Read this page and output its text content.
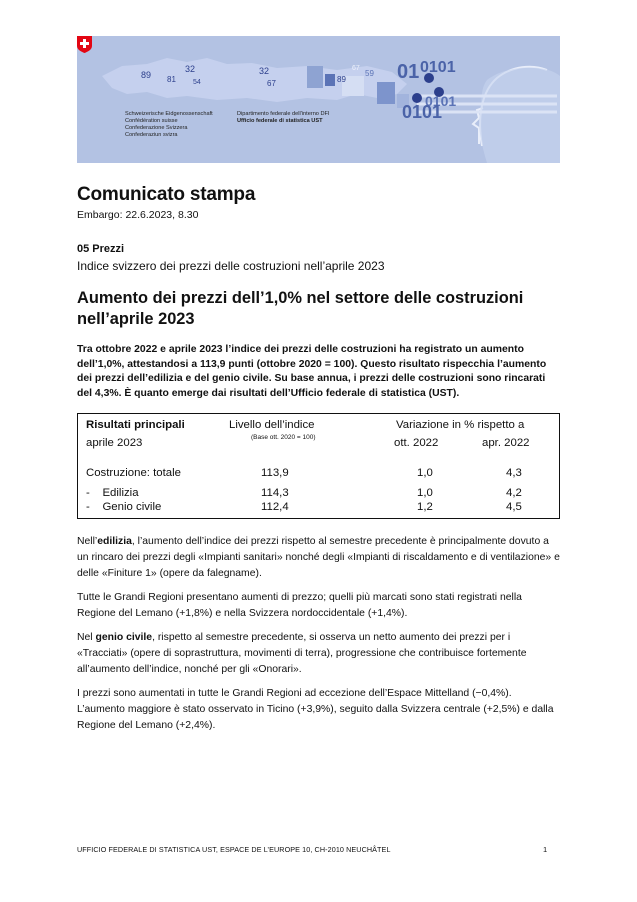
89
32
81
32
67
54	89
67
59 01 0101
0101
0101
Schweizerische Eidgenossenschaft
Confédération suisse
Confederazione Svizzera
Confederaziun svizra
Dipartimento federale dell'interno DFI
Ufficio federale di statistica UST
Comunicato stampa
Embargo: 22.6.2023, 8.30
05 Prezzi
Indice svizzero dei prezzi delle costruzioni nell’aprile 2023
Aumento dei prezzi dell’1,0% nel settore delle costruzioni nell’aprile 2023
Tra ottobre 2022 e aprile 2023 l’indice dei prezzi delle costruzioni ha registrato un aumento dell’1,0%, attestandosi a 113,9 punti (ottobre 2020 = 100). Questo risultato rispecchia l’aumento dei prezzi dell’edilizia e del genio civile. Su base annua, i prezzi delle costruzioni sono rincarati del 4,3%. È quanto emerge dai risultati dell’Ufficio federale di statistica (UST).
Risultati principali
aprile 2023
Livello dell’indice
(Base ott. 2020 = 100)
Variazione in % rispetto a
ott. 2022	apr. 2022
Costruzione: totale	113,9	1,0	4,3
-    Edilizia	114,3	1,0	4,2
-    Genio civile	112,4	1,2	4,5
Nell’edilizia, l’aumento dell’indice dei prezzi rispetto al semestre precedente è principalmente dovuto a un rincaro dei prezzi degli «Impianti sanitari» nonché degli «Impianti di riscaldamento e di ventilazione» e delle «Finiture 1» (opere da falegname).
Tutte le Grandi Regioni presentano aumenti di prezzo; quelli più marcati sono stati registrati nella Regione del Lemano (+1,8%) e nella Svizzera nordoccidentale (+1,4%).
Nel genio civile, rispetto al semestre precedente, si osserva un netto aumento dei prezzi per i «Tracciati» (opere di soprastruttura, movimenti di terra), progressione che contribuisce fortemente all’aumento dell’indice, nonché per gli «Onorari».
I prezzi sono aumentati in tutte le Grandi Regioni ad eccezione dell’Espace Mittelland (−0,4%). L’aumento maggiore è stato osservato in Ticino (+3,9%), seguito dalla Svizzera centrale (+2,5%) e dalla Regione del Lemano (+2,4%).
UFFICIO FEDERALE DI STATISTICA UST, ESPACE DE L’EUROPE 10, CH-2010 NEUCHÂTEL	1
